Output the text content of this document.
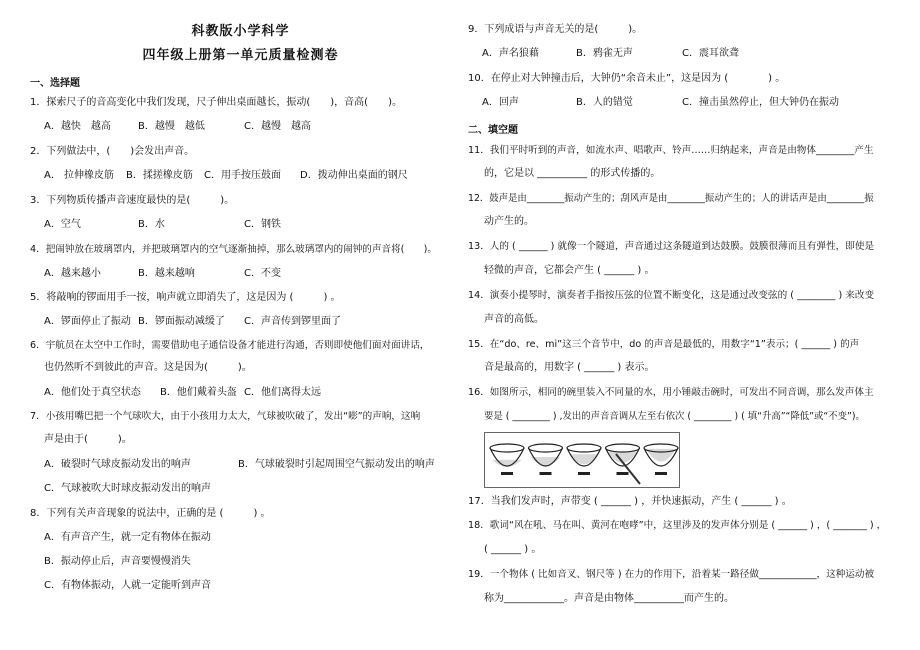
科教版小学科学
四年级上册第一单元质量检测卷
一、选择题
1．探索尺子的音高变化中我们发现，尺子伸出桌面越长，振动(　　)，音高(　　)。
A．越快　越高	B．越慢　越低	C．越慢　越高
2．下列做法中，(　　)会发出声音。
A． 拉伸橡皮筋 B．揉搓橡皮筋 C．用手按压鼓面 D．拨动伸出桌面的钢尺
3．下列物质传播声音速度最快的是(　　　)。
A．空气	B．水	C．钢铁
4．把闹钟放在玻璃罩内，并把玻璃罩内的空气逐渐抽掉，那么玻璃罩内的闹钟的声音将(　　)。
A．越来越小	B．越来越响	C．不变
5．将敲响的锣面用手一按，响声就立即消失了，这是因为 (　　　) 。
A．锣面停止了振动 B．锣面振动减缓了 C．声音传到锣里面了
6．宇航员在太空中工作时，需要借助电子通信设备才能进行沟通，否则即使他们面对面讲话，
也仍然听不到彼此的声音。这是因为(　　　)。
A．他们处于真空状态 B．他们戴着头盔 C．他们离得太远
7．小孩用嘴巴把一个气球吹大，由于小孩用力太大，气球被吹破了，发出“嘭”的声响，这响
声是由于(　　　)。
A．破裂时气球皮振动发出的响声	B．气球破裂时引起周围空气振动发出的响声
C．气球被吹大时球皮振动发出的响声
8．下列有关声音现象的说法中，正确的是 (　　　) 。
A．有声音产生，就一定有物体在振动
B．振动停止后，声音要慢慢消失
C．有物体振动，人就一定能听到声音
9．下列成语与声音无关的是(　　　)。
A．声名狼藉	B．鸦雀无声	C．震耳欲聋
10．在停止对大钟撞击后，大钟仍“余音未止”，这是因为 (　　　　) 。
A．回声	B．人的错觉	C．撞击虽然停止，但大钟仍在振动
二、填空题
11．我们平时听到的声音，如流水声、唱歌声、铃声……归纳起来，声音是由物体________产生
的，它是以 __________ 的形式传播的。
12．鼓声是由________振动产生的；刮风声是由________振动产生的；人的讲话声是由________振
动产生的。
13．人的 ( ______ ) 就像一个隧道，声音通过这条隧道到达鼓膜。鼓膜很薄而且有弹性，即使是
轻微的声音，它都会产生 ( ______ ) 。
14．演奏小提琴时，演奏者手指按压弦的位置不断变化，这是通过改变弦的 ( ________ ) 来改变
声音的高低。
15．在“do、re、mi”这三个音节中，do 的声音是最低的，用数字“1”表示；( ______ ) 的声
音是最高的，用数字 ( ______ ) 表示。
16．如图所示，相同的碗里装入不同量的水，用小锤敲击碗时，可发出不同音调，那么发声体主
要是 ( ________ ) ,发出的声音音调从左至右依次 ( ________ ) ( 填“升高”“降低”或“不变”)。
17．当我们发声时，声带变 ( ______ ) ，并快速振动，产生 ( ______ ) 。
18．歌词“风在吼、马在叫、黄河在咆哮”中，这里涉及的发声体分别是 ( ______ ) ，( _______ ) ，
( ______ ) 。
19．一个物体 ( 比如音叉、钢尺等 ) 在力的作用下，沿着某一路径做____________，这种运动被
称为____________。声音是由物体__________而产生的。
